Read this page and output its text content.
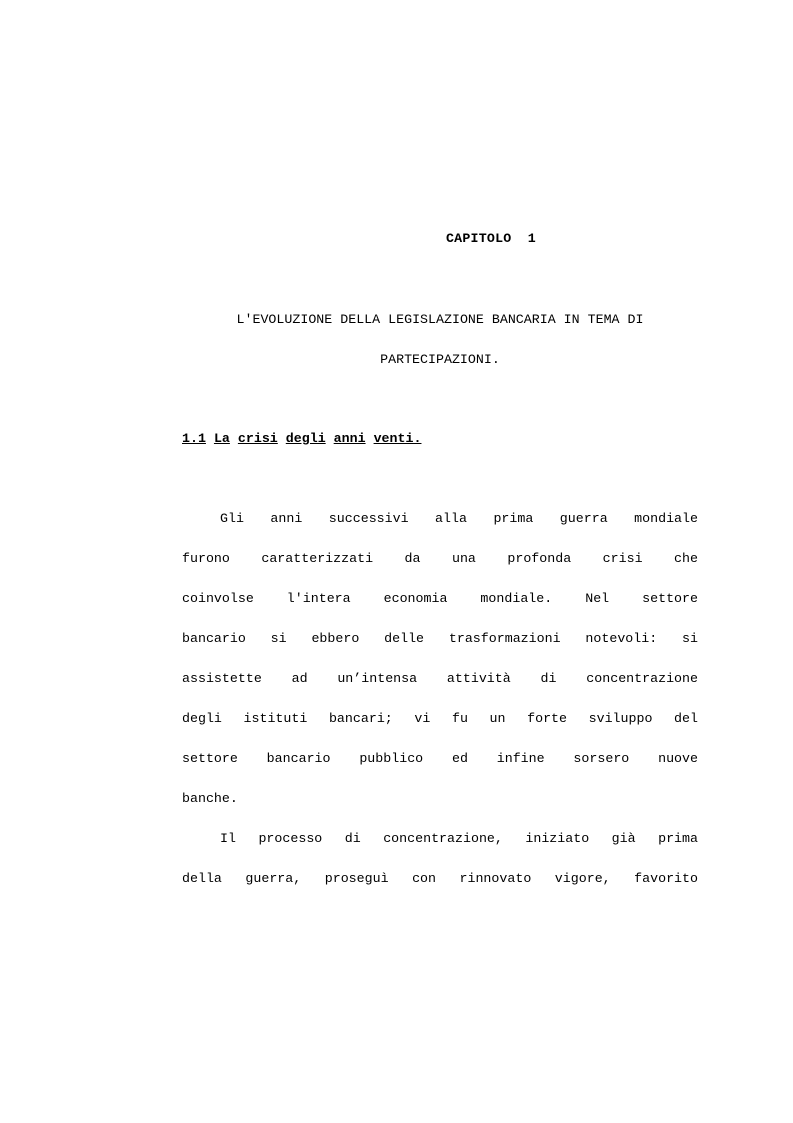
CAPITOLO  1
L'EVOLUZIONE DELLA LEGISLAZIONE BANCARIA IN TEMA DI
PARTECIPAZIONI.
1.1 La crisi degli anni venti.
Gli anni successivi alla prima guerra mondiale
furono caratterizzati da una profonda crisi che
coinvolse l'intera economia mondiale. Nel settore
bancario si ebbero delle trasformazioni notevoli: si
assistette ad un’intensa attività di concentrazione
degli istituti bancari; vi fu un forte sviluppo del
settore bancario pubblico ed infine sorsero nuove
banche.
Il processo di concentrazione, iniziato già prima
della guerra, proseguì con rinnovato vigore, favorito
